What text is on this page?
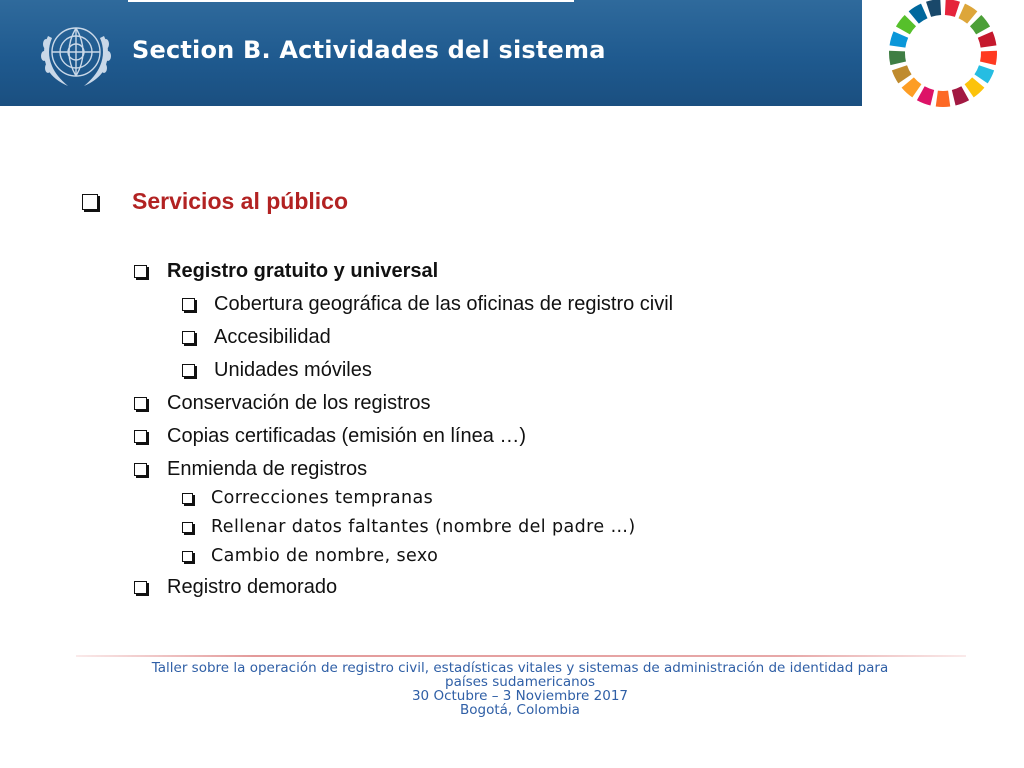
Section B. Actividades del sistema
Servicios al público
Registro gratuito y universal
Cobertura geográfica de las oficinas de registro civil
Accesibilidad
Unidades móviles
Conservación de los registros
Copias certificadas (emisión en línea …)
Enmienda de registros
Correcciones tempranas
Rellenar datos faltantes (nombre del padre …)
Cambio de nombre, sexo
Registro demorado
Taller sobre la operación de registro civil, estadísticas vitales y sistemas de administración de identidad para
países sudamericanos
30 Octubre – 3 Noviembre 2017
Bogotá, Colombia
